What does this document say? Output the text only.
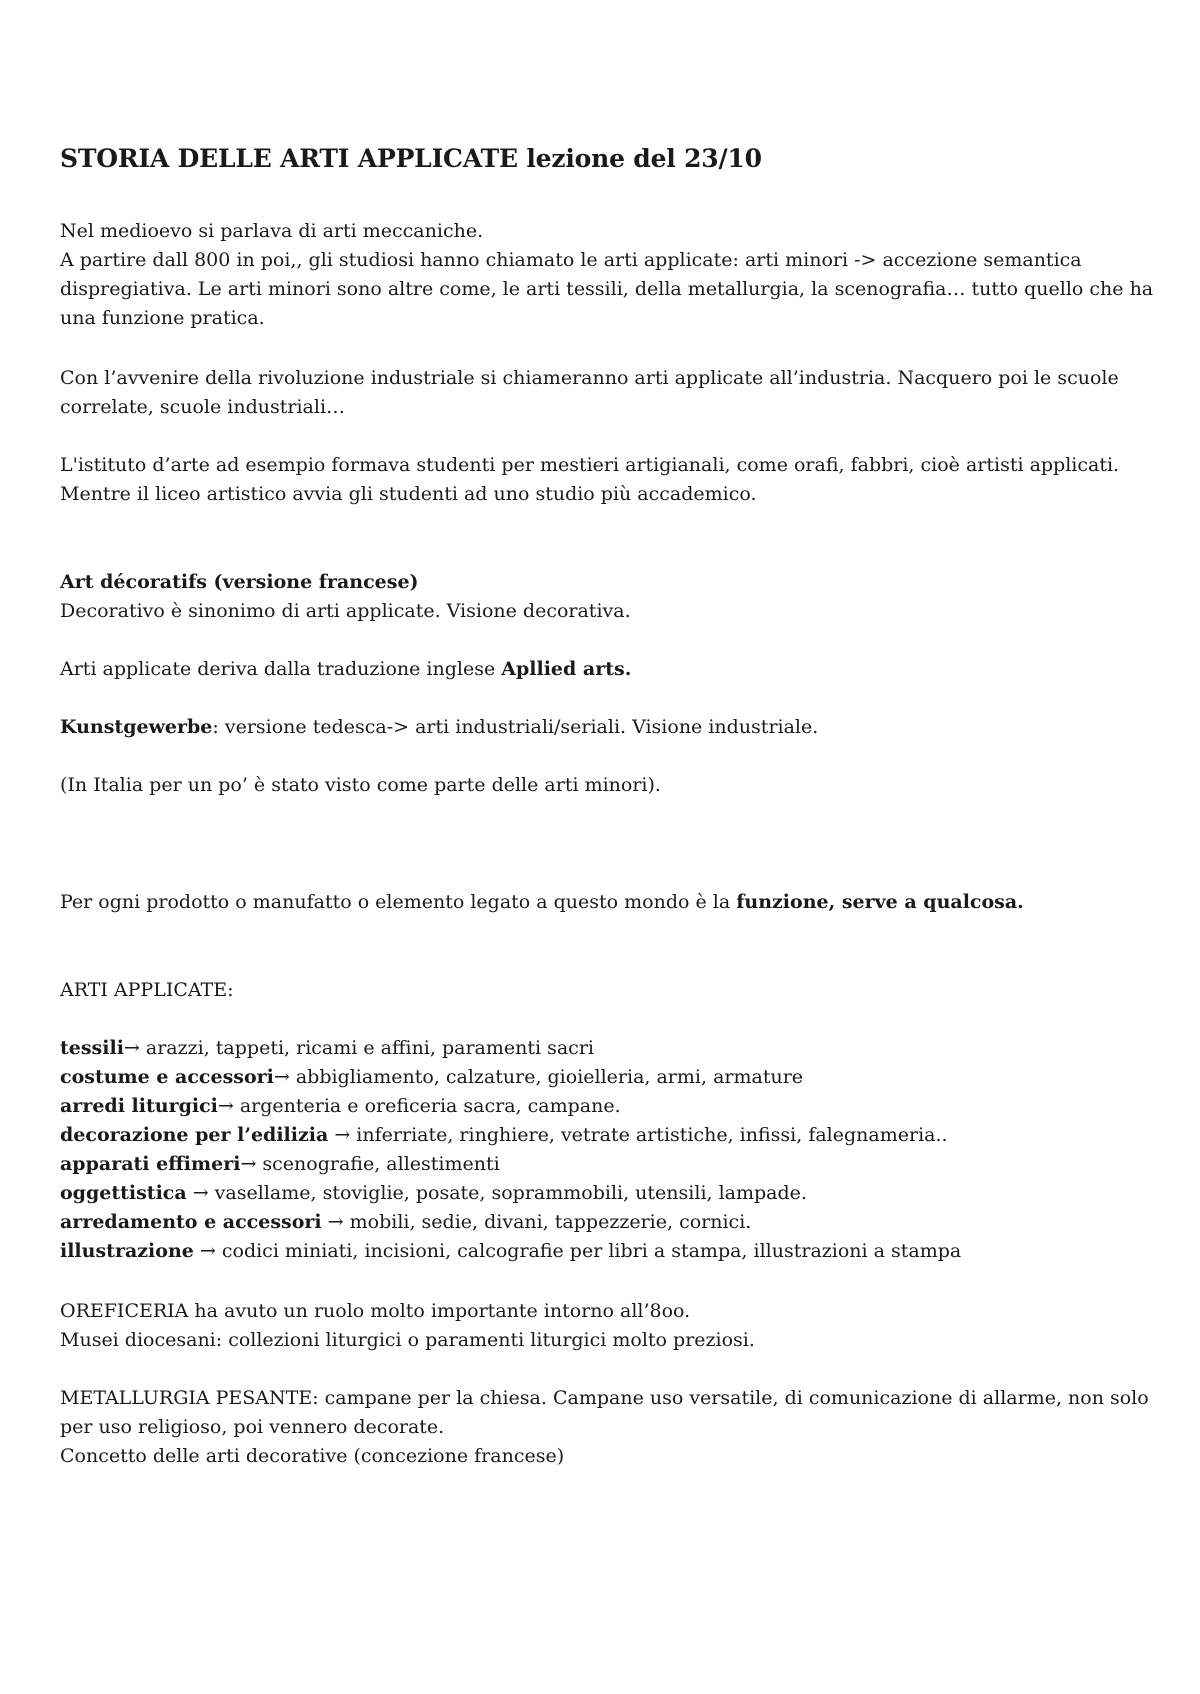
STORIA DELLE ARTI APPLICATE lezione del 23/10
Nel medioevo si parlava di arti meccaniche.
A partire dall 800 in poi,, gli studiosi hanno chiamato le arti applicate: arti minori -> accezione semantica dispregiativa. Le arti minori sono altre come, le arti tessili, della metallurgia, la scenografia… tutto quello che ha una funzione pratica.
Con l’avvenire della rivoluzione industriale si chiameranno arti applicate all’industria. Nacquero poi le scuole correlate, scuole industriali…
L'istituto d’arte ad esempio formava studenti per mestieri artigianali, come orafi, fabbri, cioè artisti applicati.
Mentre il liceo artistico avvia gli studenti ad uno studio più accademico.
Art décoratifs (versione francese)
Decorativo è sinonimo di arti applicate. Visione decorativa.
Arti applicate deriva dalla traduzione inglese Apllied arts.
Kunstgewerbe: versione tedesca-> arti industriali/seriali. Visione industriale.
(In Italia per un po’ è stato visto come parte delle arti minori).
Per ogni prodotto o manufatto o elemento legato a questo mondo è la funzione, serve a qualcosa.
ARTI APPLICATE:
tessili→ arazzi, tappeti, ricami e affini, paramenti sacri
costume e accessori→ abbigliamento, calzature, gioielleria, armi, armature
arredi liturgici→ argenteria e oreficeria sacra, campane.
decorazione per l’edilizia → inferriate, ringhiere, vetrate artistiche, infissi, falegnameria..
apparati effimeri→ scenografie, allestimenti
oggettistica → vasellame, stoviglie, posate, soprammobili, utensili, lampade.
arredamento e accessori → mobili, sedie, divani, tappezzerie, cornici.
illustrazione → codici miniati, incisioni, calcografie per libri a stampa, illustrazioni a stampa
OREFICERIA ha avuto un ruolo molto importante intorno all’8oo.
Musei diocesani: collezioni liturgici o paramenti liturgici molto preziosi.
METALLURGIA PESANTE: campane per la chiesa. Campane uso versatile, di comunicazione di allarme, non solo per uso religioso, poi vennero decorate.
Concetto delle arti decorative (concezione francese)
